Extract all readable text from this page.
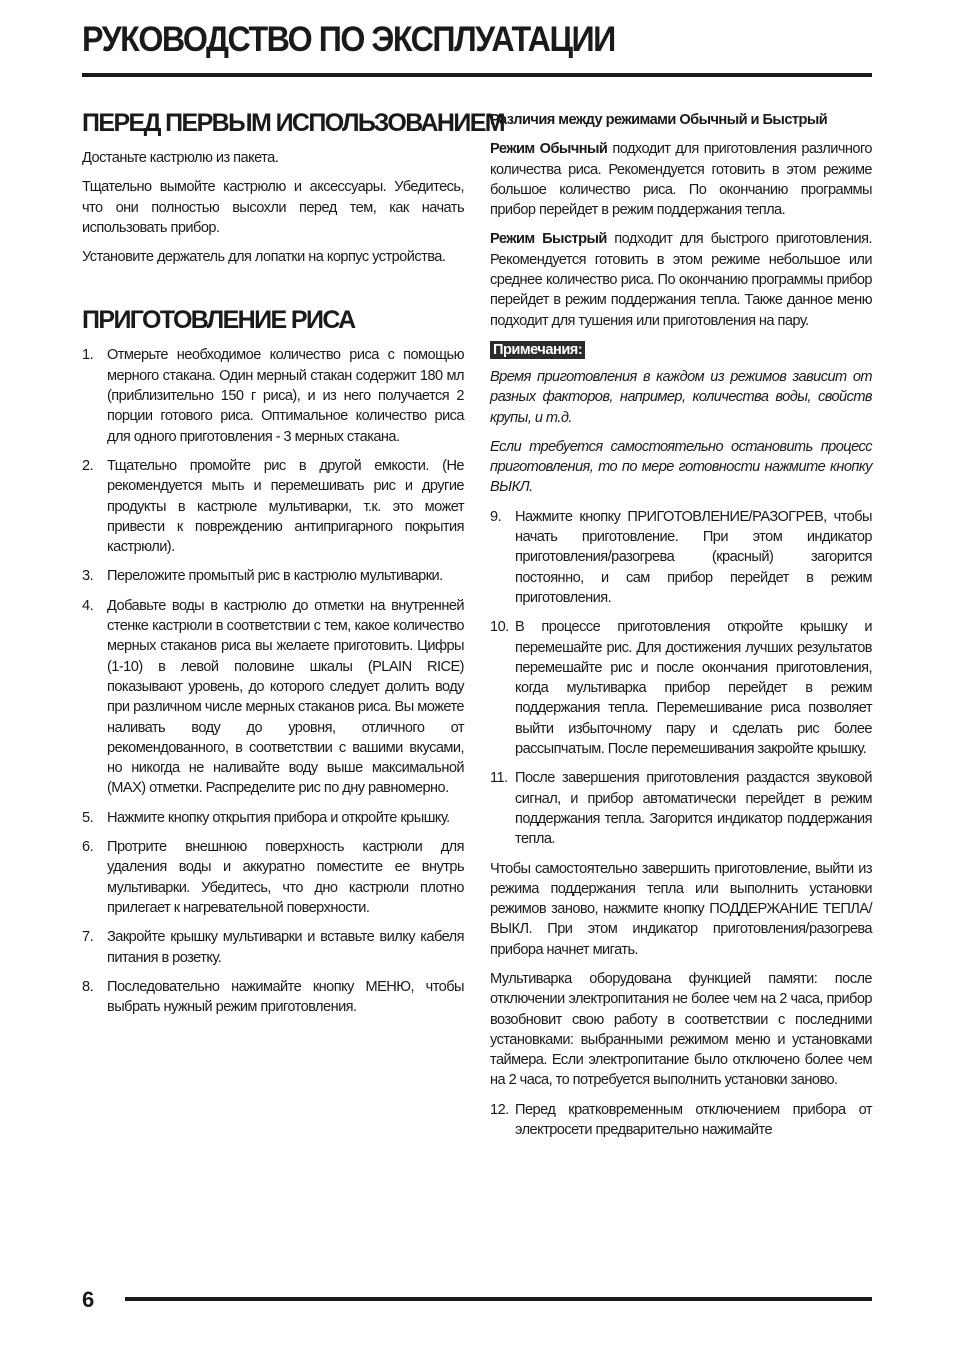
РУКОВОДСТВО ПО ЭКСПЛУАТАЦИИ
ПЕРЕД ПЕРВЫМ ИСПОЛЬЗОВАНИЕМ

Достаньте кастрюлю из пакета.

Тщательно вымойте кастрюлю и аксессуары. Убедитесь, что они полностью высохли перед тем, как начать использовать прибор.

Установите держатель для лопатки на корпус устройства.

ПРИГОТОВЛЕНИЕ РИСА
1. Отмерьте необходимое количество риса с помощью мерного стакана. Один мерный стакан содержит 180 мл (приблизительно 150 г риса), и из него получается 2 порции готового риса. Оптимальное количество риса для одного приготовления - 3 мерных стакана.
2. Тщательно промойте рис в другой емкости. (Не рекомендуется мыть и перемешивать рис и другие продукты в кастрюле мультиварки, т.к. это может привести к повреждению антипригарного покрытия кастрюли).
3. Переложите промытый рис в кастрюлю мультиварки.
4. Добавьте воды в кастрюлю до отметки на внутренней стенке кастрюли в соответствии с тем, какое количество мерных стаканов риса вы желаете приготовить. Цифры (1-10) в левой половине шкалы (PLAIN RICE) показывают уровень, до которого следует долить воду при различном числе мерных стаканов риса. Вы можете наливать воду до уровня, отличного от рекомендованного, в соответствии с вашими вкусами, но никогда не наливайте воду выше максимальной (MAX) отметки. Распределите рис по дну равномерно.
5. Нажмите кнопку открытия прибора и откройте крышку.
6. Протрите внешнюю поверхность кастрюли для удаления воды и аккуратно поместите ее внутрь мультиварки. Убедитесь, что дно кастрюли плотно прилегает к нагревательной поверхности.
7. Закройте крышку мультиварки и вставьте вилку кабеля питания в розетку.
8. Последовательно нажимайте кнопку МЕНЮ, чтобы выбрать нужный режим приготовления.

Различия между режимами Обычный и Быстрый

Режим Обычный подходит для приготовления различного количества риса. Рекомендуется готовить в этом режиме большое количество риса. По окончанию программы прибор перейдет в режим поддержания тепла.

Режим Быстрый подходит для быстрого приготовления. Рекомендуется готовить в этом режиме небольшое или среднее количество риса. По окончанию программы прибор перейдет в режим поддержания тепла. Также данное меню подходит для тушения или приготовления на пару.

Примечания:

Время приготовления в каждом из режимов зависит от разных факторов, например, количества воды, свойств крупы, и т.д.

Если требуется самостоятельно остановить процесс приготовления, то по мере готовности нажмите кнопку ВЫКЛ.

9. Нажмите кнопку ПРИГОТОВЛЕНИЕ/РАЗОГРЕВ, чтобы начать приготовление. При этом индикатор приготовления/разогрева (красный) загорится постоянно, и сам прибор перейдет в режим приготовления.
10. В процессе приготовления откройте крышку и перемешайте рис. Для достижения лучших результатов перемешайте рис и после окончания приготовления, когда мультиварка прибор перейдет в режим поддержания тепла. Перемешивание риса позволяет выйти избыточному пару и сделать рис более рассыпчатым. После перемешивания закройте крышку.
11. После завершения приготовления раздастся звуковой сигнал, и прибор автоматически перейдет в режим поддержания тепла. Загорится индикатор поддержания тепла.

Чтобы самостоятельно завершить приготовление, выйти из режима поддержания тепла или выполнить установки режимов заново, нажмите кнопку ПОДДЕРЖАНИЕ ТЕПЛА/ВЫКЛ. При этом индикатор приготовления/разогрева прибора начнет мигать.

Мультиварка оборудована функцией памяти: после отключении электропитания не более чем на 2 часа, прибор возобновит свою работу в соответствии с последними установками: выбранными режимом меню и установками таймера. Если электропитание было отключено более чем на 2 часа, то потребуется выполнить установки заново.

12. Перед кратковременным отключением прибора от электросети предварительно нажимайте
6
